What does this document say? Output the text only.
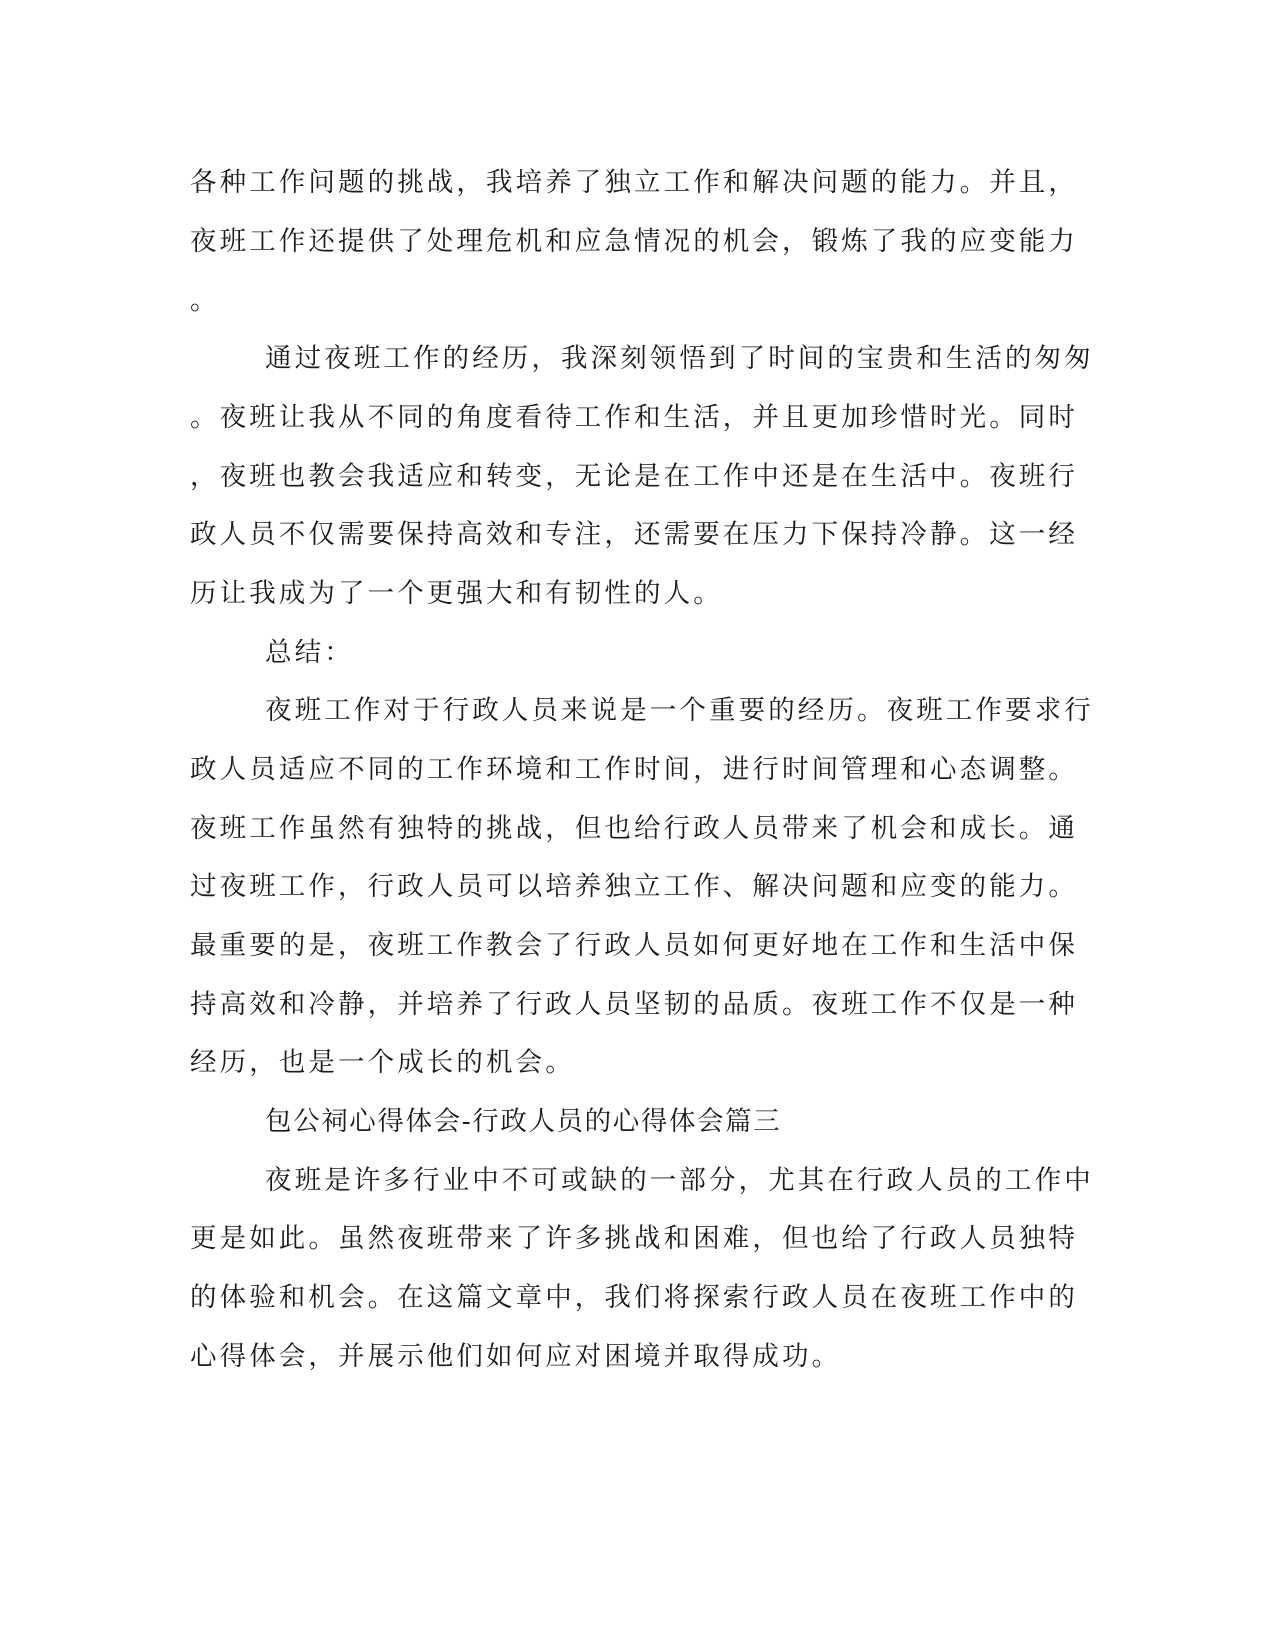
各种工作问题的挑战，我培养了独立工作和解决问题的能力。并且，
夜班工作还提供了处理危机和应急情况的机会，锻炼了我的应变能力
。
通过夜班工作的经历，我深刻领悟到了时间的宝贵和生活的匆匆
。夜班让我从不同的角度看待工作和生活，并且更加珍惜时光。同时
，夜班也教会我适应和转变，无论是在工作中还是在生活中。夜班行
政人员不仅需要保持高效和专注，还需要在压力下保持冷静。这一经
历让我成为了一个更强大和有韧性的人。
总结：
夜班工作对于行政人员来说是一个重要的经历。夜班工作要求行
政人员适应不同的工作环境和工作时间，进行时间管理和心态调整。
夜班工作虽然有独特的挑战，但也给行政人员带来了机会和成长。通
过夜班工作，行政人员可以培养独立工作、解决问题和应变的能力。
最重要的是，夜班工作教会了行政人员如何更好地在工作和生活中保
持高效和冷静，并培养了行政人员坚韧的品质。夜班工作不仅是一种
经历，也是一个成长的机会。
包公祠心得体会-行政人员的心得体会篇三
夜班是许多行业中不可或缺的一部分，尤其在行政人员的工作中
更是如此。虽然夜班带来了许多挑战和困难，但也给了行政人员独特
的体验和机会。在这篇文章中，我们将探索行政人员在夜班工作中的
心得体会，并展示他们如何应对困境并取得成功。
